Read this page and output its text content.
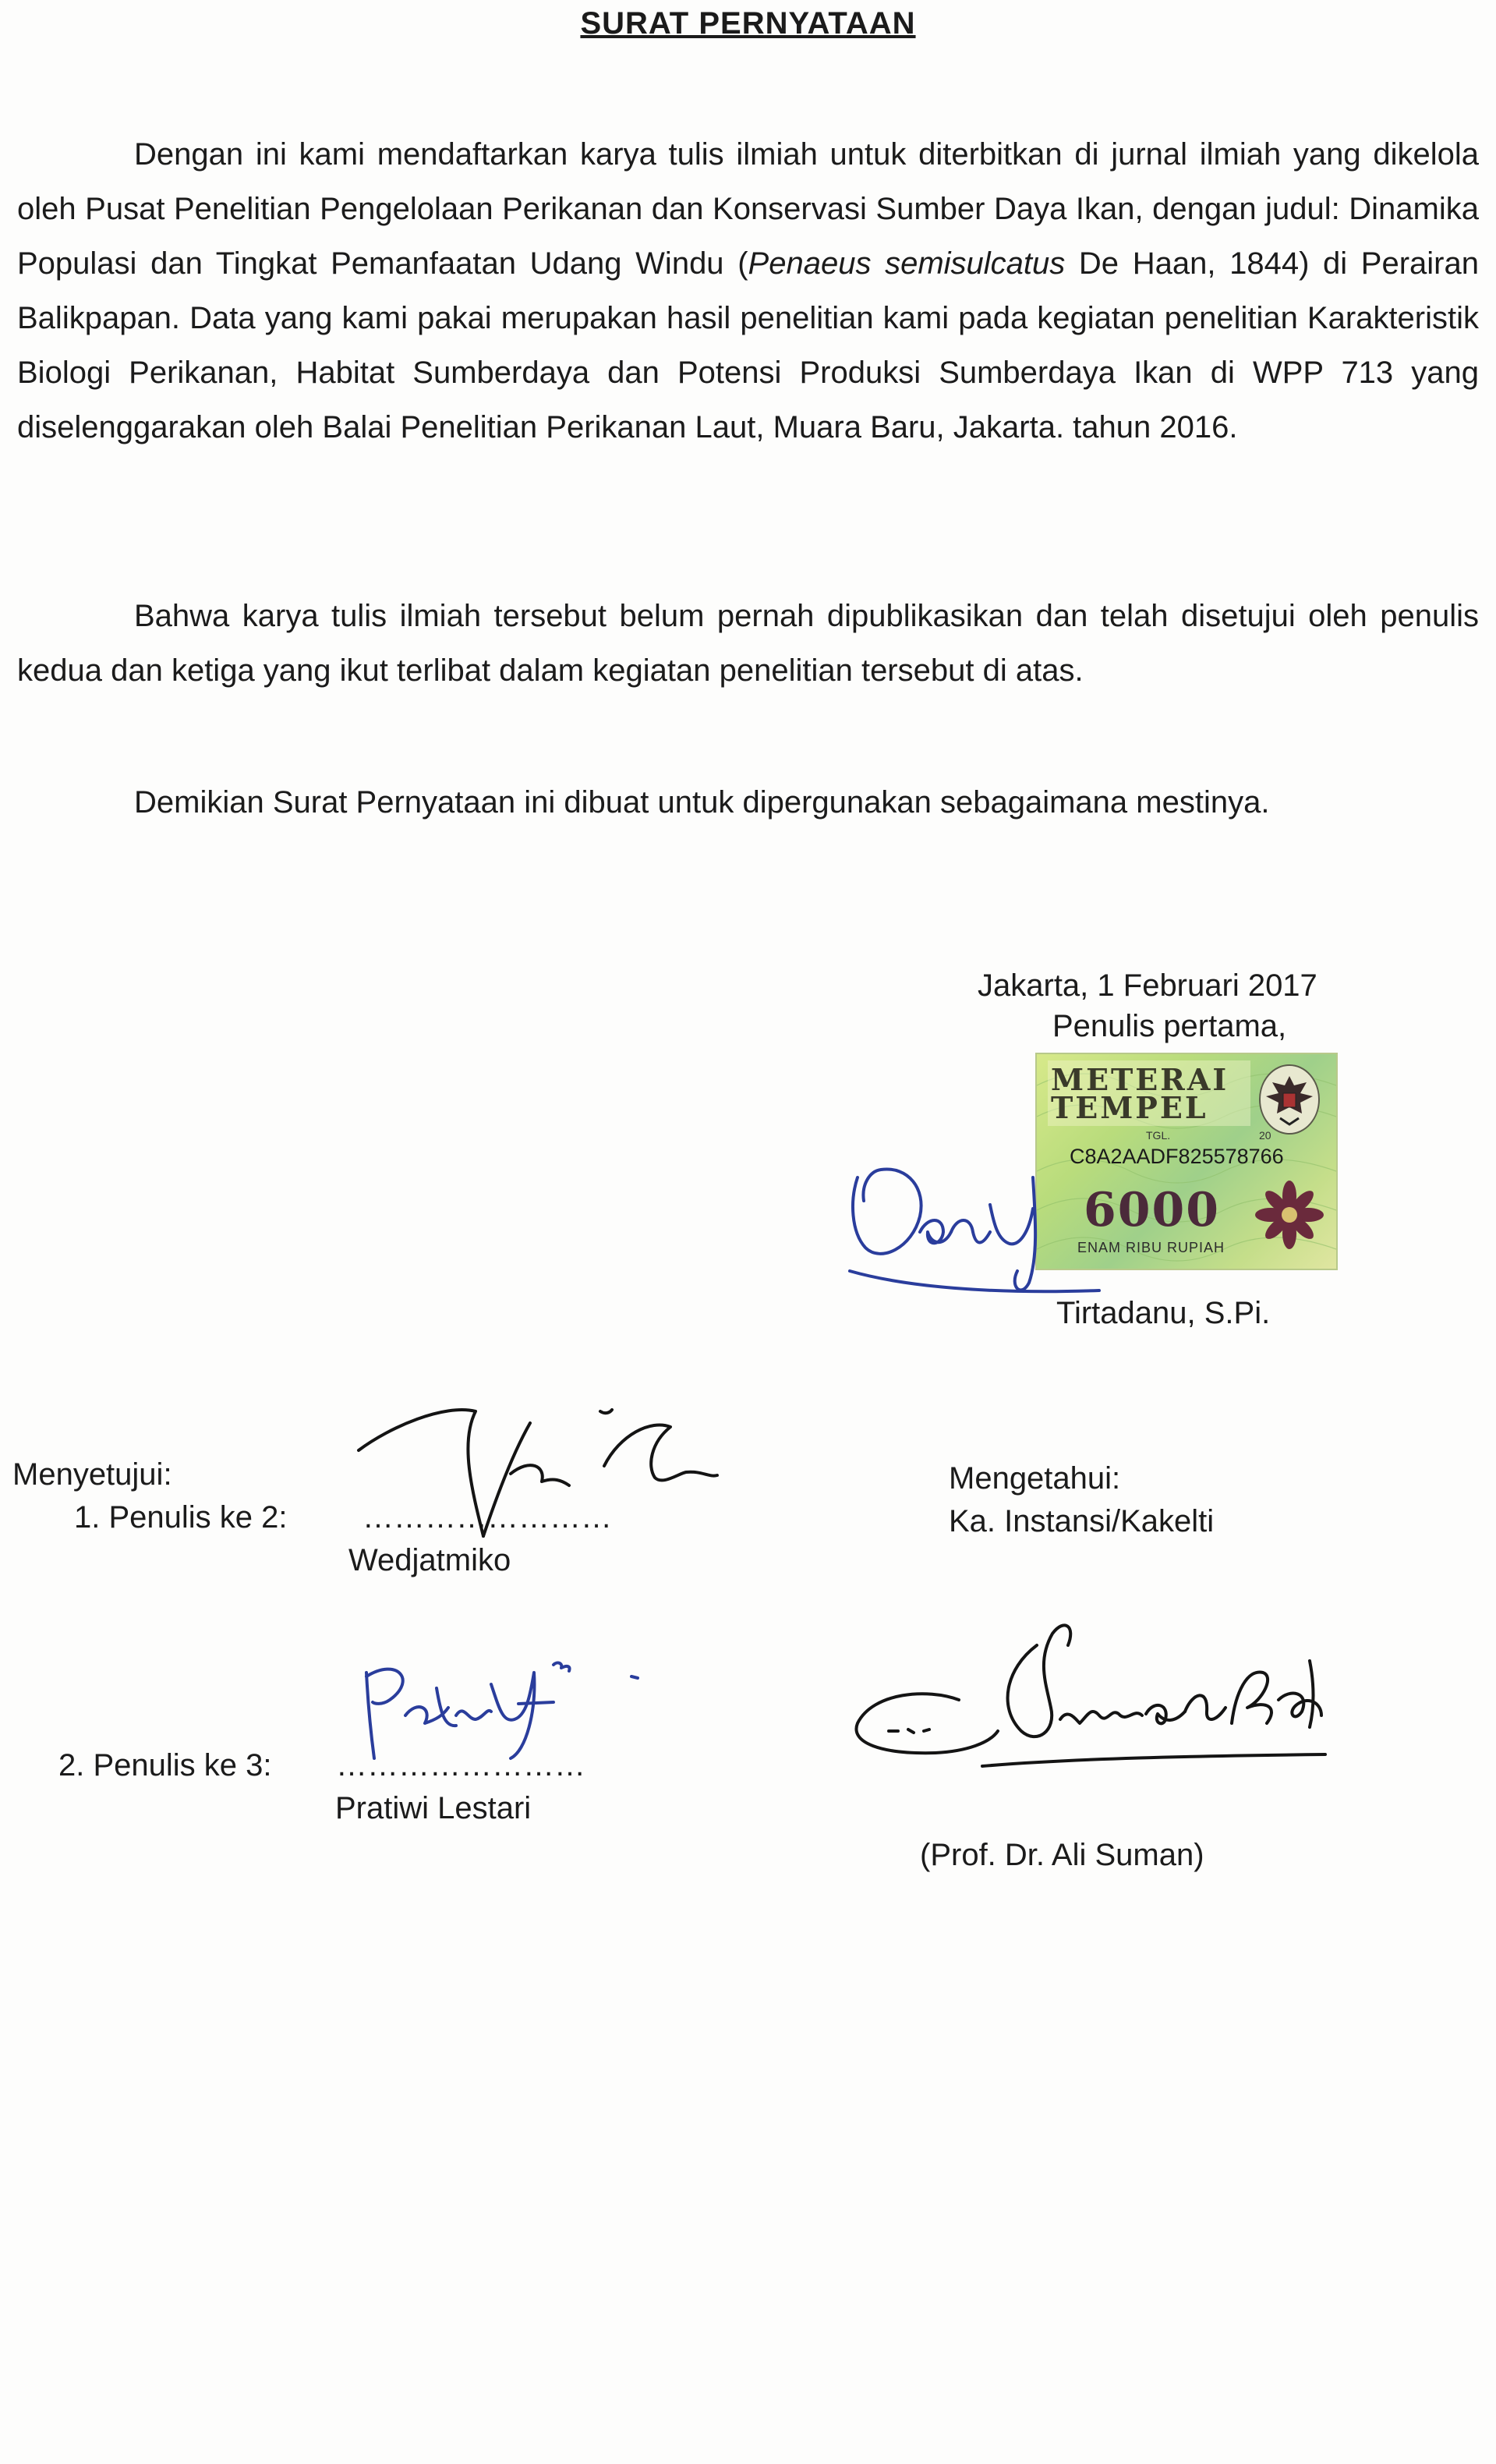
SURAT PERNYATAAN

Dengan ini kami mendaftarkan karya tulis ilmiah untuk diterbitkan di jurnal ilmiah yang dikelola oleh Pusat Penelitian Pengelolaan Perikanan dan Konservasi Sumber Daya Ikan, dengan judul: Dinamika Populasi dan Tingkat Pemanfaatan Udang Windu (Penaeus semisulcatus De Haan, 1844) di Perairan Balikpapan. Data yang kami pakai merupakan hasil penelitian kami pada kegiatan penelitian Karakteristik Biologi Perikanan, Habitat Sumberdaya dan Potensi Produksi Sumberdaya Ikan di WPP 713 yang diselenggarakan oleh Balai Penelitian Perikanan Laut, Muara Baru, Jakarta. tahun 2016.

Bahwa karya tulis ilmiah tersebut belum pernah dipublikasikan dan telah disetujui oleh penulis kedua dan ketiga yang ikut terlibat dalam kegiatan penelitian tersebut di atas.

Demikian Surat Pernyataan ini dibuat untuk dipergunakan sebagaimana mestinya.

Jakarta, 1 Februari 2017
Penulis pertama,
METERAI
TEMPEL
TGL.	20
C8A2AADF825578766
6000
ENAM RIBU RUPIAH
Tirtadanu, S.Pi.
Menyetujui:
1. Penulis ke 2: ……………………
Wedjatmiko
Mengetahui:
Ka. Instansi/Kakelti
2. Penulis ke 3: ……………………
Pratiwi Lestari
(Prof. Dr. Ali Suman)
